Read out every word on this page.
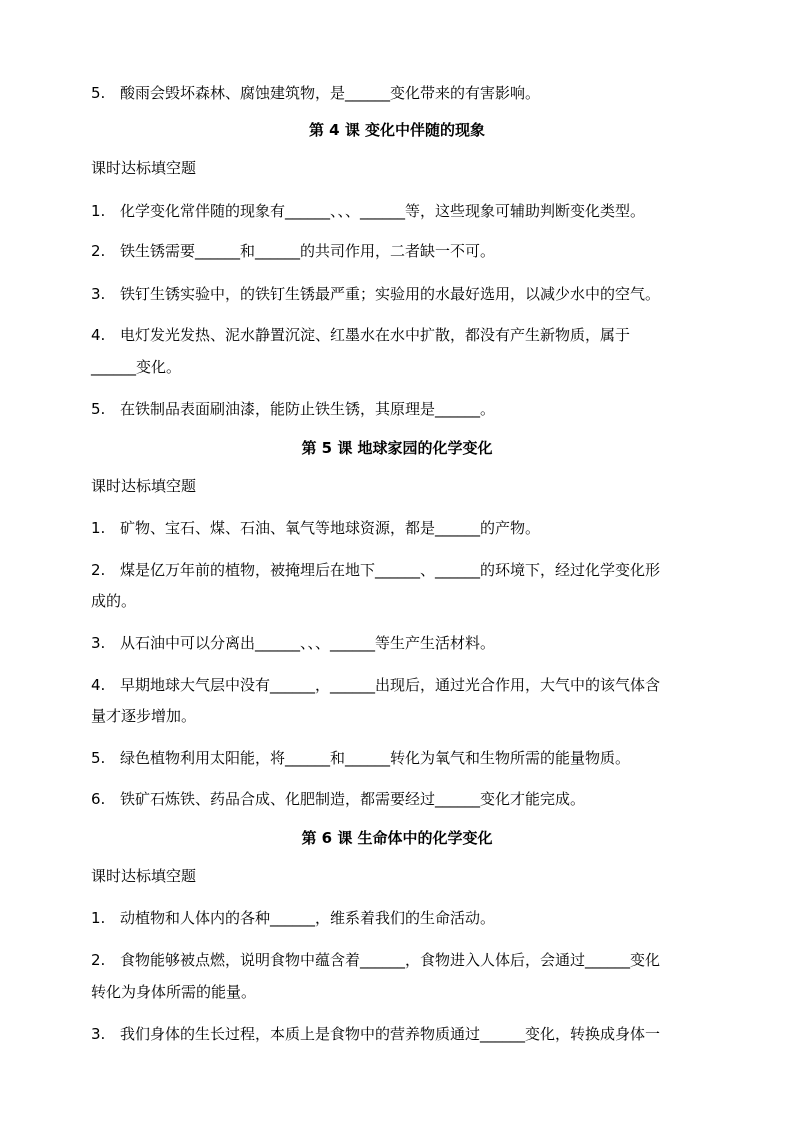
5. 酸雨会毁坏森林、腐蚀建筑物，是______变化带来的有害影响。
第 4 课 变化中伴随的现象
课时达标填空题
1. 化学变化常伴随的现象有______、、、______等，这些现象可辅助判断变化类型。
2. 铁生锈需要______和______的共司作用，二者缺一不可。
3. 铁钉生锈实验中，的铁钉生锈最严重；实验用的水最好选用，以减少水中的空气。
4. 电灯发光发热、泥水静置沉淀、红墨水在水中扩散，都没有产生新物质，属于
______变化。
5. 在铁制品表面刷油漆，能防止铁生锈，其原理是______。
第 5 课 地球家园的化学变化
课时达标填空题
1. 矿物、宝石、煤、石油、氧气等地球资源，都是______的产物。
2. 煤是亿万年前的植物，被掩埋后在地下______、______的环境下，经过化学变化形
成的。
3. 从石油中可以分离出______、、、______等生产生活材料。
4. 早期地球大气层中没有______，______出现后，通过光合作用，大气中的该气体含
量才逐步增加。
5. 绿色植物利用太阳能，将______和______转化为氧气和生物所需的能量物质。
6. 铁矿石炼铁、药品合成、化肥制造，都需要经过______变化才能完成。
第 6 课 生命体中的化学变化
课时达标填空题
1. 动植物和人体内的各种______，维系着我们的生命活动。
2. 食物能够被点燃，说明食物中蕴含着______，食物进入人体后，会通过______变化
转化为身体所需的能量。
3. 我们身体的生长过程，本质上是食物中的营养物质通过______变化，转换成身体一
